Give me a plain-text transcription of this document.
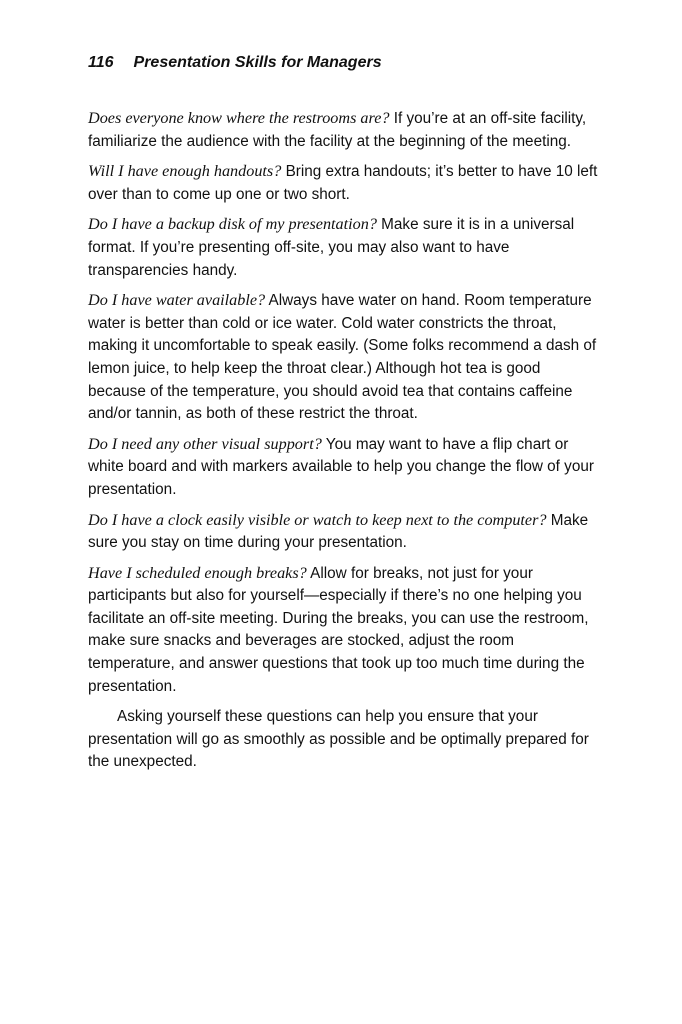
116 Presentation Skills for Managers

Does everyone know where the restrooms are? If you’re at an off-site facility, familiarize the audience with the facility at the beginning of the meeting.

Will I have enough handouts? Bring extra handouts; it’s better to have 10 left over than to come up one or two short.

Do I have a backup disk of my presentation? Make sure it is in a universal format. If you’re presenting off-site, you may also want to have transparencies handy.

Do I have water available? Always have water on hand. Room temperature water is better than cold or ice water. Cold water constricts the throat, making it uncomfortable to speak easily. (Some folks recommend a dash of lemon juice, to help keep the throat clear.) Although hot tea is good because of the temperature, you should avoid tea that contains caffeine and/or tannin, as both of these restrict the throat.

Do I need any other visual support? You may want to have a flip chart or white board and with markers available to help you change the flow of your presentation.

Do I have a clock easily visible or watch to keep next to the computer? Make sure you stay on time during your presentation.

Have I scheduled enough breaks? Allow for breaks, not just for your participants but also for yourself—especially if there’s no one helping you facilitate an off-site meeting. During the breaks, you can use the restroom, make sure snacks and beverages are stocked, adjust the room temperature, and answer questions that took up too much time during the presentation.

Asking yourself these questions can help you ensure that your presentation will go as smoothly as possible and be optimally prepared for the unexpected.
